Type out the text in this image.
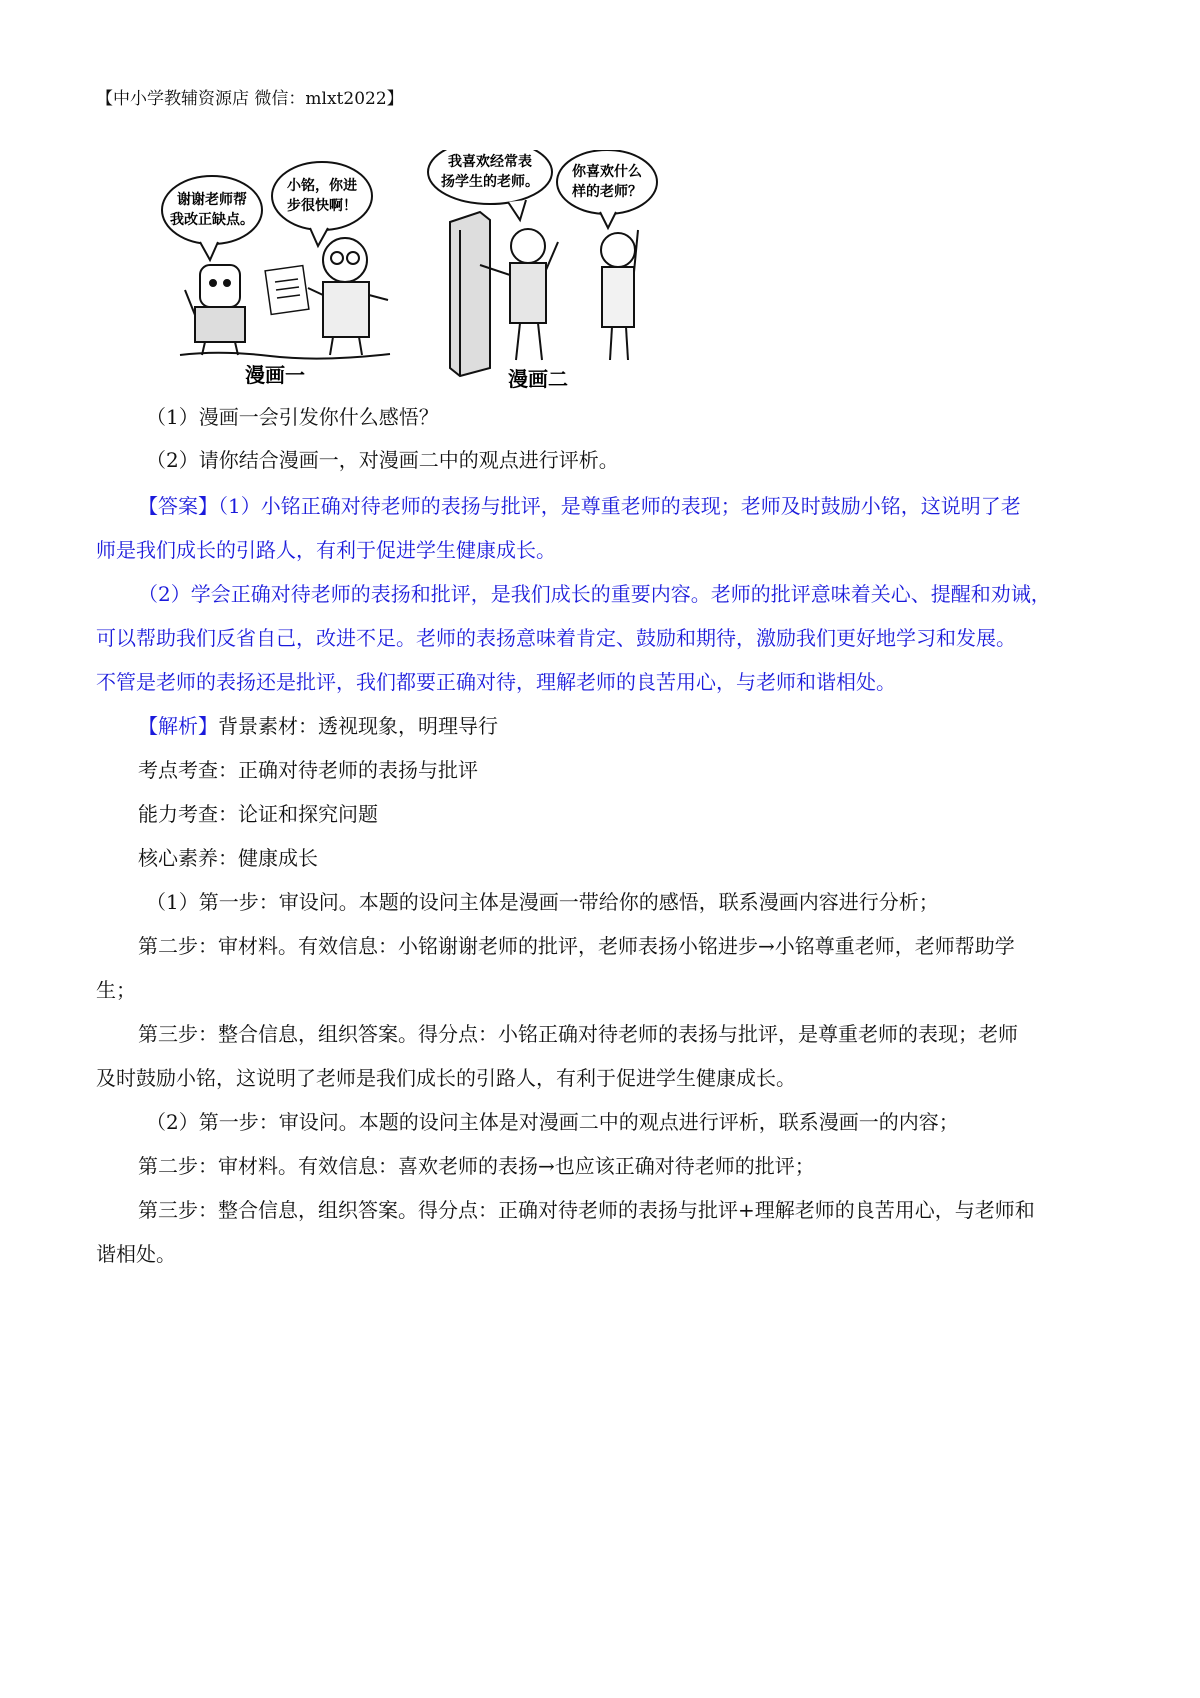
【中小学教辅资源店 微信：mlxt2022】
谢谢老师帮
我改正缺点。
小铭，你进
步很快啊！
漫画一
我喜欢经常表
扬学生的老师。
你喜欢什么
样的老师？
漫画二
（1）漫画一会引发你什么感悟？
（2）请你结合漫画一，对漫画二中的观点进行评析。
【答案】（1）小铭正确对待老师的表扬与批评，是尊重老师的表现；老师及时鼓励小铭，这说明了老
师是我们成长的引路人，有利于促进学生健康成长。
（2）学会正确对待老师的表扬和批评，是我们成长的重要内容。老师的批评意味着关心、提醒和劝诫，
可以帮助我们反省自己，改进不足。老师的表扬意味着肯定、鼓励和期待，激励我们更好地学习和发展。
不管是老师的表扬还是批评，我们都要正确对待，理解老师的良苦用心，与老师和谐相处。
【解析】背景素材：透视现象，明理导行
考点考查：正确对待老师的表扬与批评
能力考查：论证和探究问题
核心素养：健康成长
（1）第一步：审设问。本题的设问主体是漫画一带给你的感悟，联系漫画内容进行分析；
第二步：审材料。有效信息：小铭谢谢老师的批评，老师表扬小铭进步→小铭尊重老师，老师帮助学
生；
第三步：整合信息，组织答案。得分点：小铭正确对待老师的表扬与批评，是尊重老师的表现；老师
及时鼓励小铭，这说明了老师是我们成长的引路人，有利于促进学生健康成长。
（2）第一步：审设问。本题的设问主体是对漫画二中的观点进行评析，联系漫画一的内容；
第二步：审材料。有效信息：喜欢老师的表扬→也应该正确对待老师的批评；
第三步：整合信息，组织答案。得分点：正确对待老师的表扬与批评+理解老师的良苦用心，与老师和
谐相处。
